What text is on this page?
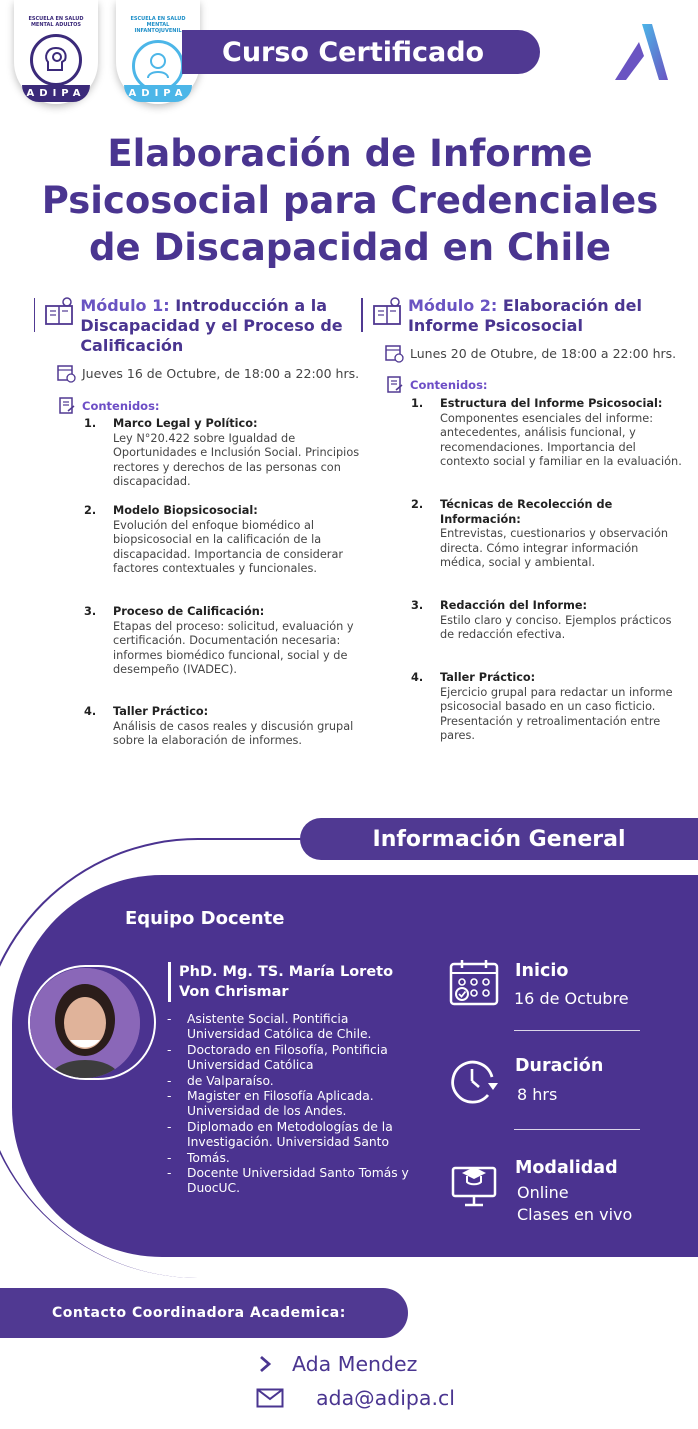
ESCUELA EN SALUD MENTAL ADULTOS
ADIPA
ESCUELA EN SALUD MENTAL INFANTOJUVENIL
ADIPA
Curso Certificado
Elaboración de Informe
Psicosocial para Credenciales
de Discapacidad en Chile
Módulo 1: Introducción a la Discapacidad y el Proceso de Calificación
Jueves 16 de Octubre, de 18:00 a 22:00 hrs.
Contenidos:
1. Marco Legal y Político:
Ley N°20.422 sobre Igualdad de Oportunidades e Inclusión Social. Principios rectores y derechos de las personas con discapacidad.
2. Modelo Biopsicosocial:
Evolución del enfoque biomédico al biopsicosocial en la calificación de la discapacidad. Importancia de considerar factores contextuales y funcionales.
3. Proceso de Calificación:
Etapas del proceso: solicitud, evaluación y certificación. Documentación necesaria: informes biomédico funcional, social y de desempeño (IVADEC).
4. Taller Práctico:
Análisis de casos reales y discusión grupal sobre la elaboración de informes.
Módulo 2: Elaboración del Informe Psicosocial
Lunes 20 de Otubre, de 18:00 a 22:00 hrs.
Contenidos:
1. Estructura del Informe Psicosocial:
Componentes esenciales del informe: antecedentes, análisis funcional, y recomendaciones. Importancia del contexto social y familiar en la evaluación.
2. Técnicas de Recolección de Información:
Entrevistas, cuestionarios y observación directa. Cómo integrar información médica, social y ambiental.
3. Redacción del Informe:
Estilo claro y conciso. Ejemplos prácticos de redacción efectiva.
4. Taller Práctico:
Ejercicio grupal para redactar un informe psicosocial basado en un caso ficticio. Presentación y retroalimentación entre pares.
Información General
Equipo Docente
PhD. Mg. TS. María Loreto Von Chrismar
- Asistente Social. Pontificia Universidad Católica de Chile.
- Doctorado en Filosofía, Pontificia Universidad Católica
- de Valparaíso.
- Magister en Filosofía Aplicada. Universidad de los Andes.
- Diplomado en Metodologías de la Investigación. Universidad Santo
- Tomás.
- Docente Universidad Santo Tomás y DuocUC.
Inicio
16 de Octubre
Duración
8 hrs
Modalidad
Online
Clases en vivo
Contacto Coordinadora Academica:
Ada Mendez
ada@adipa.cl
